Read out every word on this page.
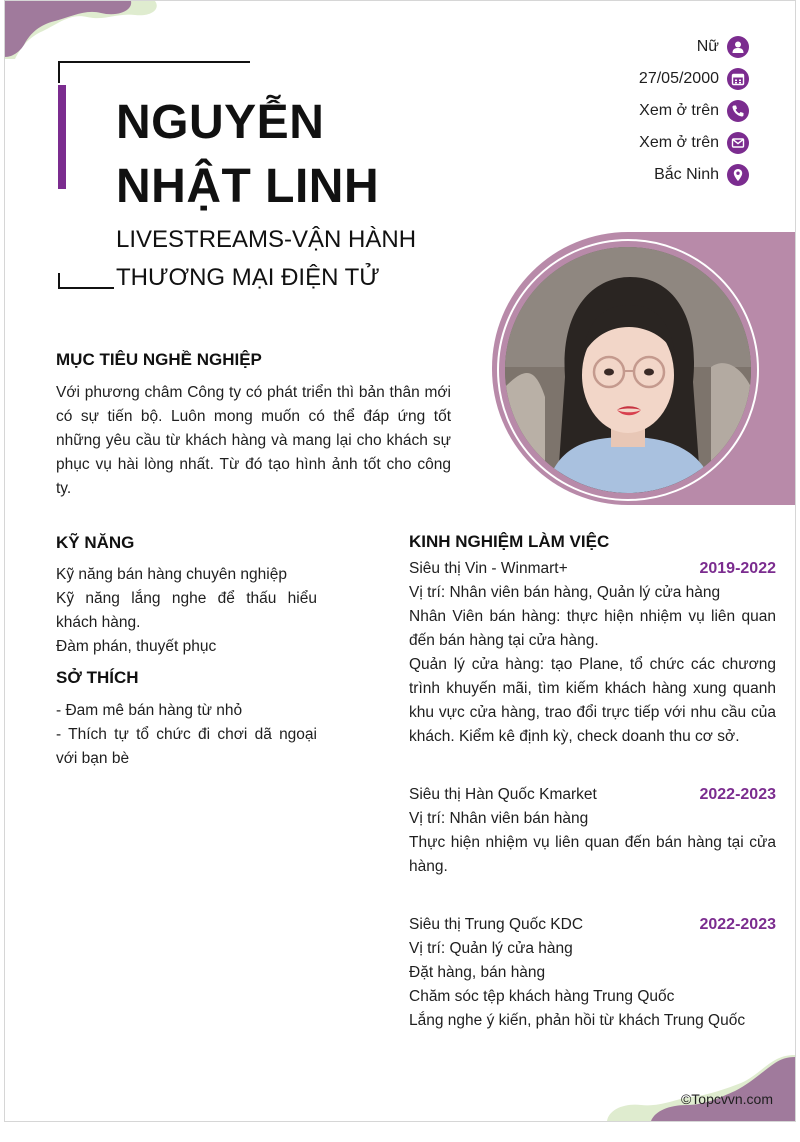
NGUYỄN NHẬT LINH
LIVESTREAMS-VẬN HÀNH THƯƠNG MẠI ĐIỆN TỬ
Nữ
27/05/2000
Xem ở trên
Xem ở trên
Bắc Ninh
MỤC TIÊU NGHỀ NGHIỆP

Với phương châm Công ty có phát triển thì bản thân mới có sự tiến bộ. Luôn mong muốn có thể đáp ứng tốt những yêu cầu từ khách hàng và mang lại cho khách sự phục vụ hài lòng nhất. Từ đó tạo hình ảnh tốt cho công ty.

KỸ NĂNG

Kỹ năng bán hàng chuyên nghiệp

Kỹ năng lắng nghe để thấu hiểu khách hàng.

Đàm phán, thuyết phục

SỞ THÍCH

- Đam mê bán hàng từ nhỏ

- Thích tự tổ chức đi chơi dã ngoại với bạn bè

KINH NGHIỆM LÀM VIỆC
Siêu thị Vin - Winmart+	2019-2022

Vị trí: Nhân viên bán hàng, Quản lý cửa hàng

Nhân Viên bán hàng: thực hiện nhiệm vụ liên quan đến bán hàng tại cửa hàng.

Quản lý cửa hàng: tạo Plane, tổ chức các chương trình khuyến mãi, tìm kiếm khách hàng xung quanh khu vực cửa hàng, trao đổi trực tiếp với nhu cầu của khách. Kiểm kê định kỳ, check doanh thu cơ sở.

Siêu thị Hàn Quốc Kmarket	2022-2023

Vị trí: Nhân viên bán hàng

Thực hiện nhiệm vụ liên quan đến bán hàng tại cửa hàng.

Siêu thị Trung Quốc KDC	2022-2023

Vị trí: Quản lý cửa hàng

Đặt hàng, bán hàng

Chăm sóc tệp khách hàng Trung Quốc

Lắng nghe ý kiến, phản hồi từ khách Trung Quốc

©Topcvvn.com
